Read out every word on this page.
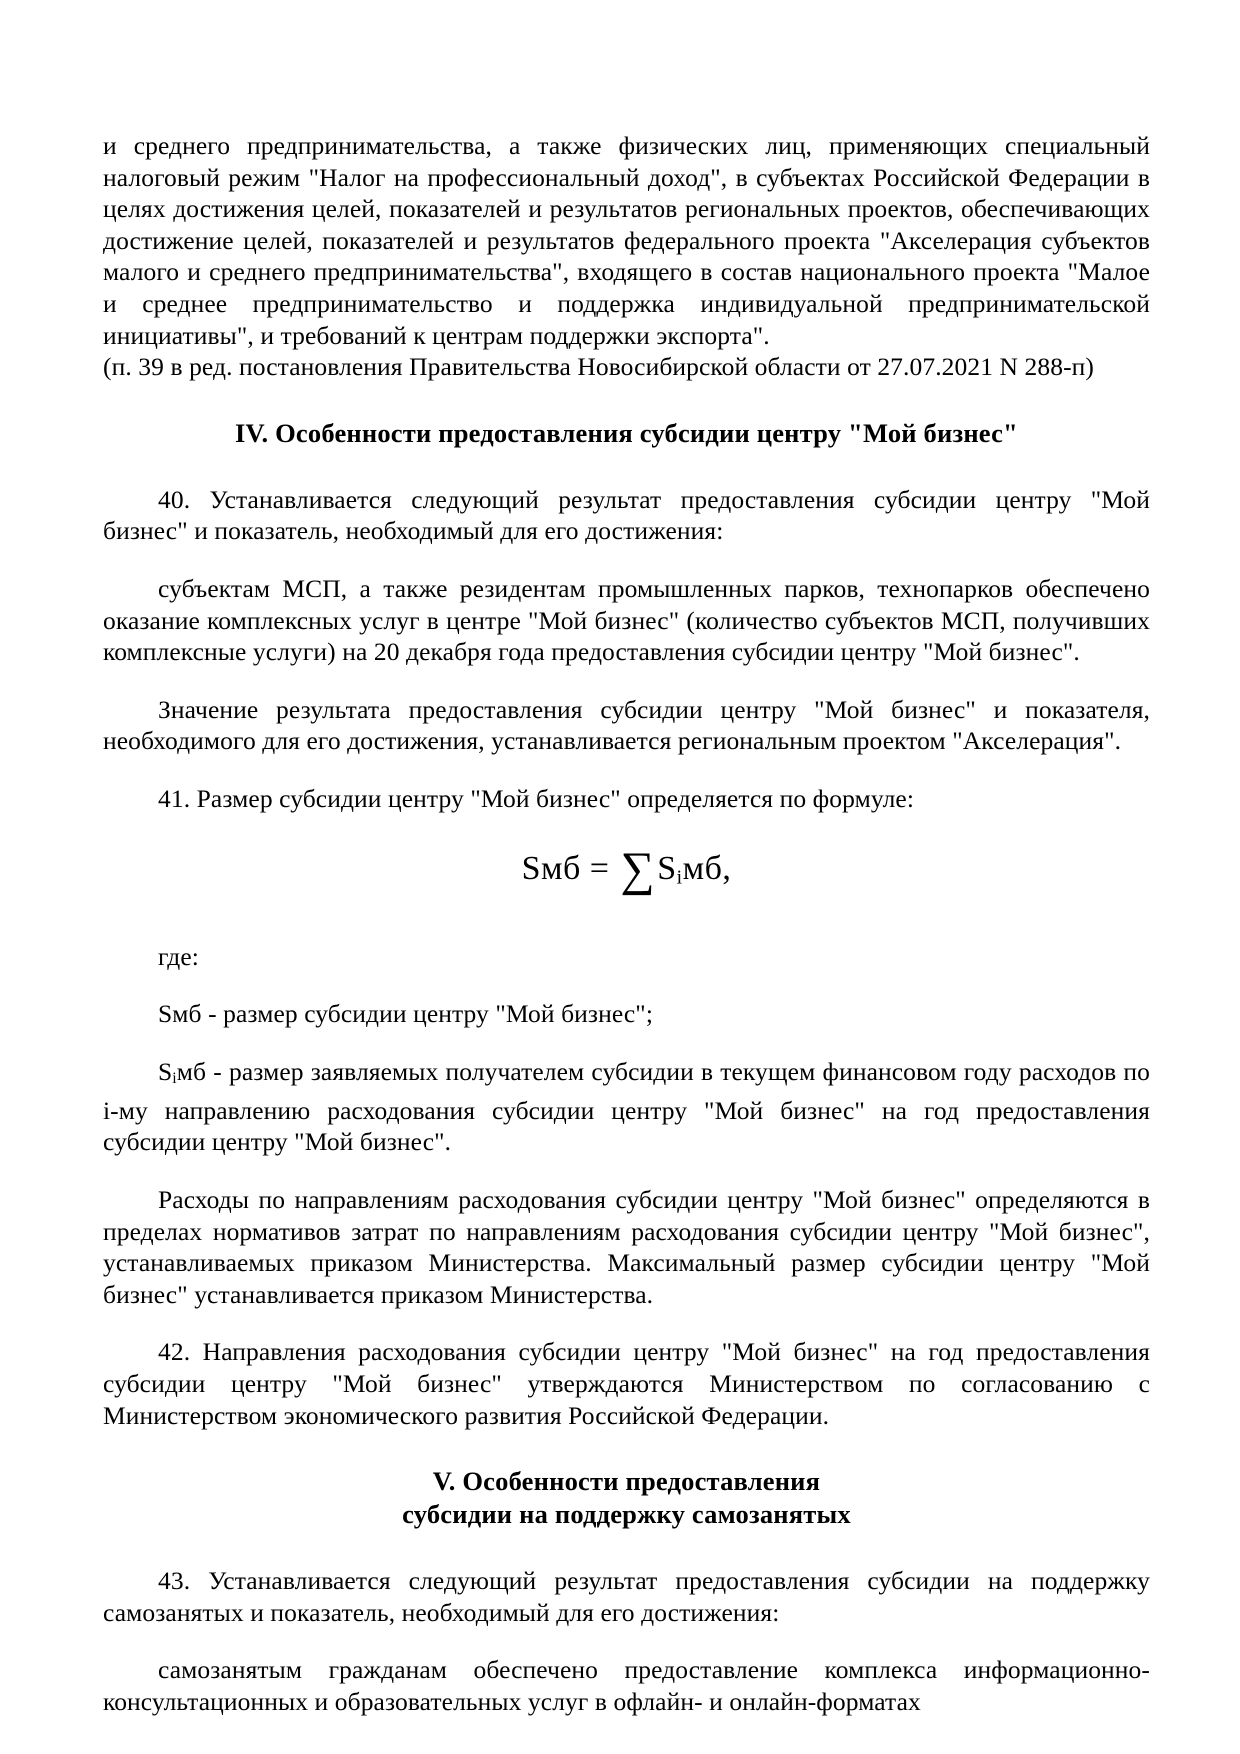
и среднего предпринимательства, а также физических лиц, применяющих специальный налоговый режим "Налог на профессиональный доход", в субъектах Российской Федерации в целях достижения целей, показателей и результатов региональных проектов, обеспечивающих достижение целей, показателей и результатов федерального проекта "Акселерация субъектов малого и среднего предпринимательства", входящего в состав национального проекта "Малое и среднее предпринимательство и поддержка индивидуальной предпринимательской инициативы", и требований к центрам поддержки экспорта".

(п. 39 в ред. постановления Правительства Новосибирской области от 27.07.2021 N 288-п)

IV. Особенности предоставления субсидии центру "Мой бизнес"

40. Устанавливается следующий результат предоставления субсидии центру "Мой бизнес" и показатель, необходимый для его достижения:

субъектам МСП, а также резидентам промышленных парков, технопарков обеспечено оказание комплексных услуг в центре "Мой бизнес" (количество субъектов МСП, получивших комплексные услуги) на 20 декабря года предоставления субсидии центру "Мой бизнес".

Значение результата предоставления субсидии центру "Мой бизнес" и показателя, необходимого для его достижения, устанавливается региональным проектом "Акселерация".

41. Размер субсидии центру "Мой бизнес" определяется по формуле:

Sмб = $\sum S_iмб$,

где:

Sмб - размер субсидии центру "Мой бизнес";

$S_iмб$ - размер заявляемых получателем субсидии в текущем финансовом году расходов по i-му направлению расходования субсидии центру "Мой бизнес" на год предоставления субсидии центру "Мой бизнес".

Расходы по направлениям расходования субсидии центру "Мой бизнес" определяются в пределах нормативов затрат по направлениям расходования субсидии центру "Мой бизнес", устанавливаемых приказом Министерства. Максимальный размер субсидии центру "Мой бизнес" устанавливается приказом Министерства.

42. Направления расходования субсидии центру "Мой бизнес" на год предоставления субсидии центру "Мой бизнес" утверждаются Министерством по согласованию с Министерством экономического развития Российской Федерации.

V. Особенности предоставления
субсидии на поддержку самозанятых

43. Устанавливается следующий результат предоставления субсидии на поддержку самозанятых и показатель, необходимый для его достижения:

самозанятым гражданам обеспечено предоставление комплекса информационно-консультационных и образовательных услуг в офлайн- и онлайн-форматах
